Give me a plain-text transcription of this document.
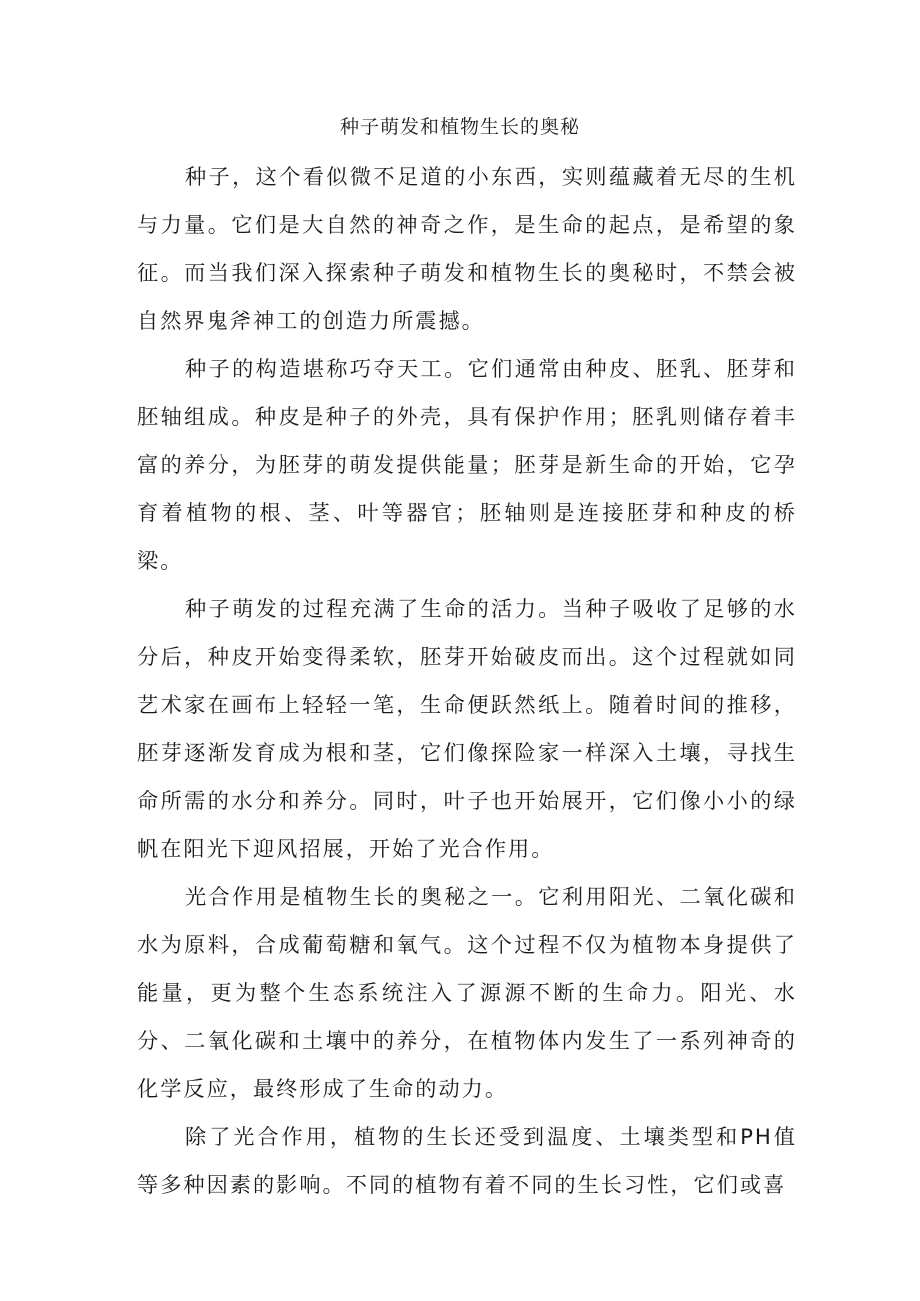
种子萌发和植物生长的奥秘

种子，这个看似微不足道的小东西，实则蕴藏着无尽的生机与力量。它们是大自然的神奇之作，是生命的起点，是希望的象征。而当我们深入探索种子萌发和植物生长的奥秘时，不禁会被自然界鬼斧神工的创造力所震撼。

种子的构造堪称巧夺天工。它们通常由种皮、胚乳、胚芽和胚轴组成。种皮是种子的外壳，具有保护作用；胚乳则储存着丰富的养分，为胚芽的萌发提供能量；胚芽是新生命的开始，它孕育着植物的根、茎、叶等器官；胚轴则是连接胚芽和种皮的桥梁。

种子萌发的过程充满了生命的活力。当种子吸收了足够的水分后，种皮开始变得柔软，胚芽开始破皮而出。这个过程就如同艺术家在画布上轻轻一笔，生命便跃然纸上。随着时间的推移，胚芽逐渐发育成为根和茎，它们像探险家一样深入土壤，寻找生命所需的水分和养分。同时，叶子也开始展开，它们像小小的绿帆在阳光下迎风招展，开始了光合作用。

光合作用是植物生长的奥秘之一。它利用阳光、二氧化碳和水为原料，合成葡萄糖和氧气。这个过程不仅为植物本身提供了能量，更为整个生态系统注入了源源不断的生命力。阳光、水分、二氧化碳和土壤中的养分，在植物体内发生了一系列神奇的化学反应，最终形成了生命的动力。

除了光合作用，植物的生长还受到温度、土壤类型和PH值等多种因素的影响。不同的植物有着不同的生长习性，它们或喜
